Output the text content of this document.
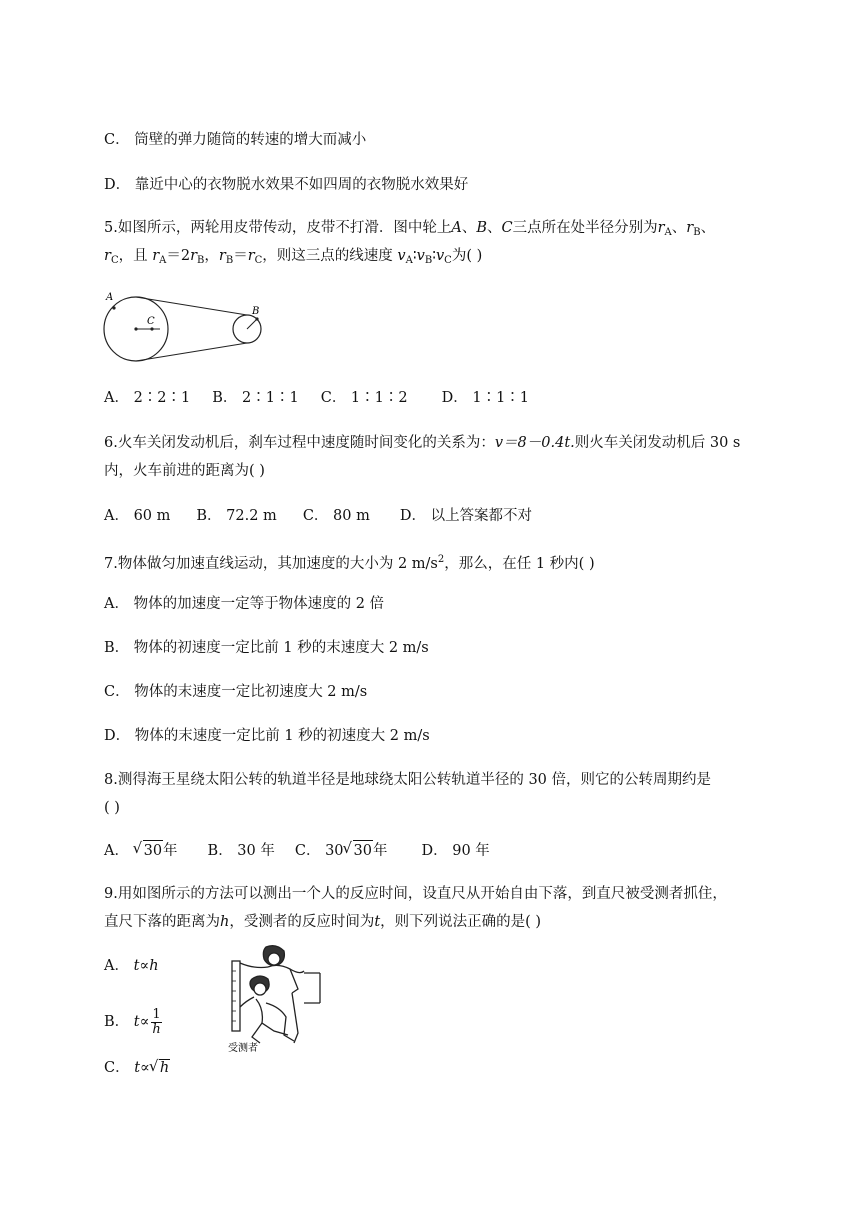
C． 筒壁的弹力随筒的转速的增大而减小
D． 靠近中心的衣物脱水效果不如四周的衣物脱水效果好
5.如图所示，两轮用皮带传动，皮带不打滑．图中轮上A、B、C三点所在处半径分别为$r_A$、$r_B$、
$r_C$，且 $r_A=2r_B$，$r_B=r_C$，则这三点的线速度 $v_A∶v_B∶v_C$为( )
A
C
B
A． 2∶2∶1 B． 2∶1∶1 C． 1∶1∶2 D． 1∶1∶1
6.火车关闭发动机后，刹车过程中速度随时间变化的关系为：v＝8－0.4t.则火车关闭发动机后 30 s
内，火车前进的距离为( )
A． 60 m B． 72.2 m C． 80 m D． 以上答案都不对
7.物体做匀加速直线运动，其加速度的大小为 2 $m/s^2$，那么，在任 1 秒内( )
A． 物体的加速度一定等于物体速度的 2 倍
B． 物体的初速度一定比前 1 秒的末速度大 2 m/s
C． 物体的末速度一定比初速度大 2 m/s
D． 物体的末速度一定比前 1 秒的初速度大 2 m/s
8.测得海王星绕太阳公转的轨道半径是地球绕太阳公转轨道半径的 30 倍，则它的公转周期约是
( )
A． √ 30年 B． 30 年 C． 30 √ 30年 D． 90 年
9.用如图所示的方法可以测出一个人的反应时间，设直尺从开始自由下落，到直尺被受测者抓住，
直尺下落的距离为h，受测者的反应时间为t，则下列说法正确的是( )
A． t∝h
B． $t\propto \frac{1}{h}$
C． t∝ √ h
受测者
